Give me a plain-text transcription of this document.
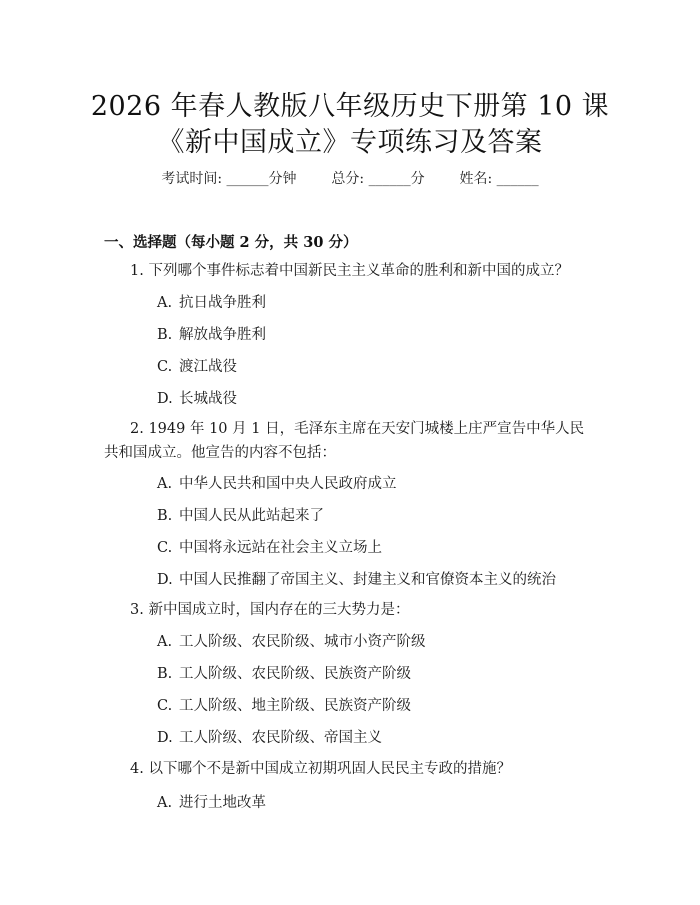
2026 年春人教版八年级历史下册第 10 课
《新中国成立》专项练习及答案
考试时间: ______分钟 总分: ______分 姓名: ______
一、选择题（每小题 2 分，共 30 分）
1. 下列哪个事件标志着中国新民主主义革命的胜利和新中国的成立？
A. 抗日战争胜利
B. 解放战争胜利
C. 渡江战役
D. 长城战役
2. 1949 年 10 月 1 日，毛泽东主席在天安门城楼上庄严宣告中华人民共和国成立。他宣告的内容不包括：
A. 中华人民共和国中央人民政府成立
B. 中国人民从此站起来了
C. 中国将永远站在社会主义立场上
D. 中国人民推翻了帝国主义、封建主义和官僚资本主义的统治
3. 新中国成立时，国内存在的三大势力是：
A. 工人阶级、农民阶级、城市小资产阶级
B. 工人阶级、农民阶级、民族资产阶级
C. 工人阶级、地主阶级、民族资产阶级
D. 工人阶级、农民阶级、帝国主义
4. 以下哪个不是新中国成立初期巩固人民民主专政的措施？
A. 进行土地改革
